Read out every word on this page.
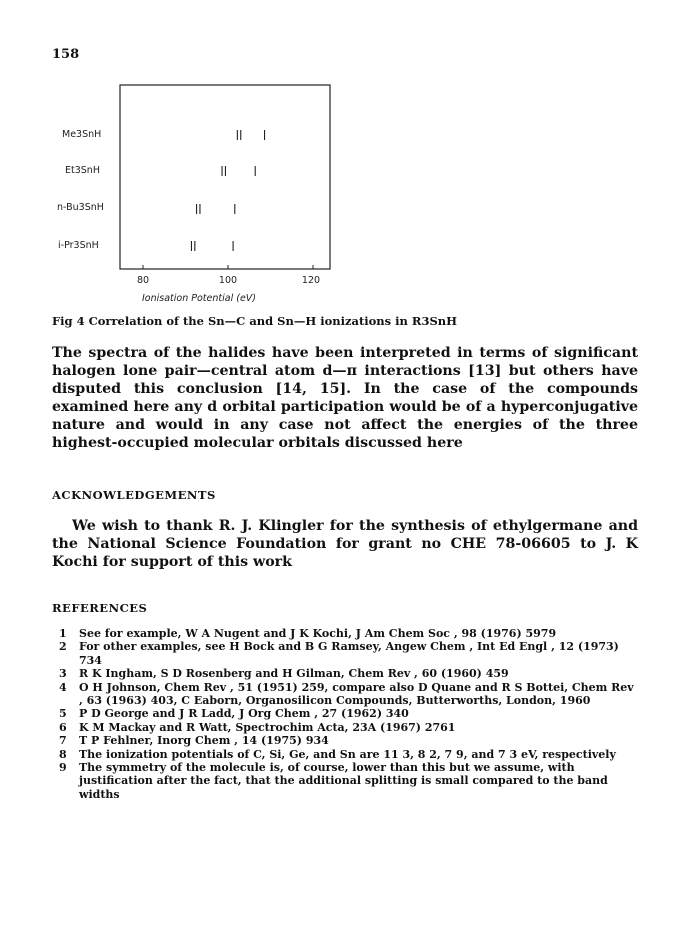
158
Me3SnH
Et3SnH
n-Bu3SnH
i-Pr3SnH
80	100	120
Ionisation Potential (eV)
Fig 4 Correlation of the Sn—C and Sn—H ionizations in R3SnH

The spectra of the halides have been interpreted in terms of significant halogen lone pair—central atom d—π interactions [13] but others have disputed this conclusion [14, 15]. In the case of the compounds examined here any d orbital participation would be of a hyperconjugative nature and would in any case not affect the energies of the three highest-occupied molecular orbitals discussed here

ACKNOWLEDGEMENTS

We wish to thank R. J. Klingler for the synthesis of ethylgermane and the National Science Foundation for grant no CHE 78-06605 to J. K Kochi for support of this work

REFERENCES
1 See for example, W A Nugent and J K Kochi, J Am Chem Soc , 98 (1976) 5979
2 For other examples, see H Bock and B G Ramsey, Angew Chem , Int Ed Engl , 12 (1973) 734
3 R K Ingham, S D Rosenberg and H Gilman, Chem Rev , 60 (1960) 459
4 O H Johnson, Chem Rev , 51 (1951) 259, compare also D Quane and R S Bottei, Chem Rev , 63 (1963) 403, C Eaborn, Organosilicon Compounds, Butterworths, London, 1960
5 P D George and J R Ladd, J Org Chem , 27 (1962) 340
6 K M Mackay and R Watt, Spectrochim Acta, 23A (1967) 2761
7 T P Fehlner, Inorg Chem , 14 (1975) 934
8 The ionization potentials of C, Si, Ge, and Sn are 11 3, 8 2, 7 9, and 7 3 eV, respectively
9 The symmetry of the molecule is, of course, lower than this but we assume, with justification after the fact, that the additional splitting is small compared to the band widths
